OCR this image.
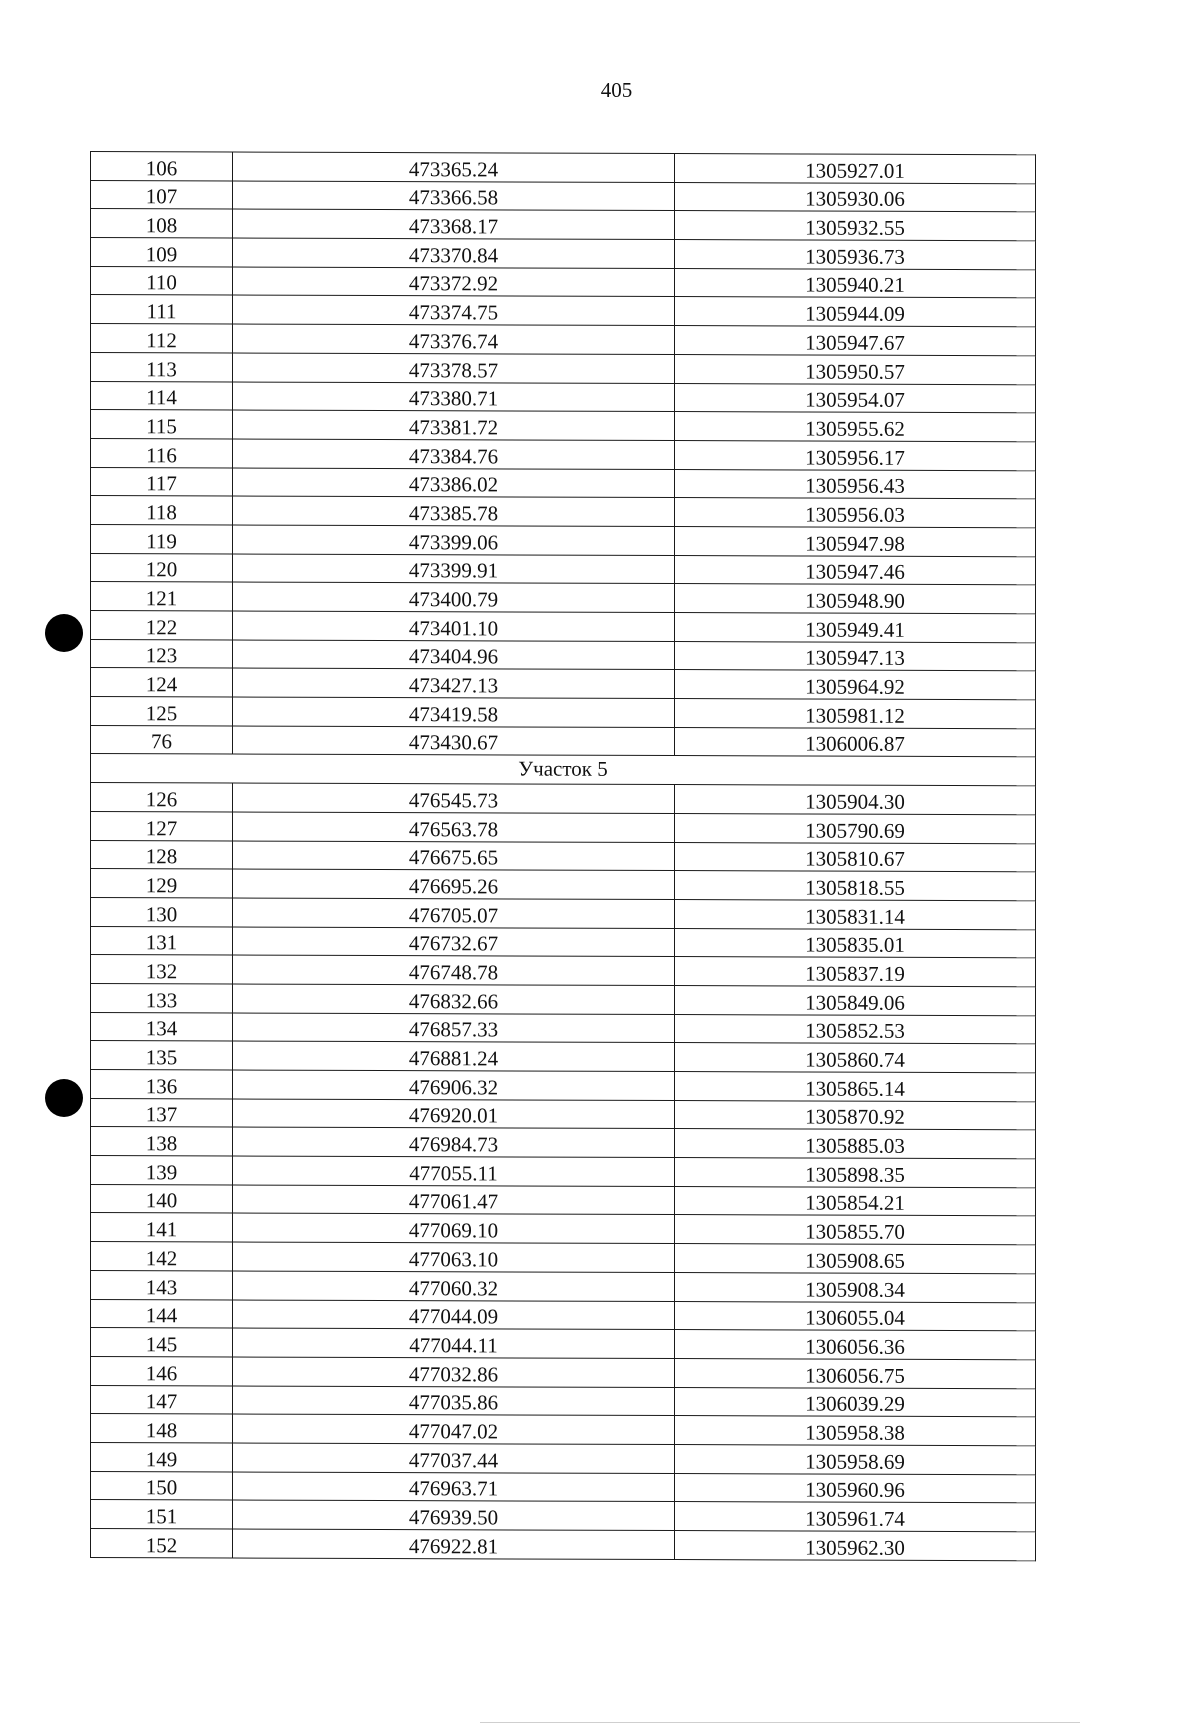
405
106	473365.24	1305927.01
107	473366.58	1305930.06
108	473368.17	1305932.55
109	473370.84	1305936.73
110	473372.92	1305940.21
111	473374.75	1305944.09
112	473376.74	1305947.67
113	473378.57	1305950.57
114	473380.71	1305954.07
115	473381.72	1305955.62
116	473384.76	1305956.17
117	473386.02	1305956.43
118	473385.78	1305956.03
119	473399.06	1305947.98
120	473399.91	1305947.46
121	473400.79	1305948.90
122	473401.10	1305949.41
123	473404.96	1305947.13
124	473427.13	1305964.92
125	473419.58	1305981.12
76	473430.67	1306006.87
Участок 5		
126	476545.73	1305904.30
127	476563.78	1305790.69
128	476675.65	1305810.67
129	476695.26	1305818.55
130	476705.07	1305831.14
131	476732.67	1305835.01
132	476748.78	1305837.19
133	476832.66	1305849.06
134	476857.33	1305852.53
135	476881.24	1305860.74
136	476906.32	1305865.14
137	476920.01	1305870.92
138	476984.73	1305885.03
139	477055.11	1305898.35
140	477061.47	1305854.21
141	477069.10	1305855.70
142	477063.10	1305908.65
143	477060.32	1305908.34
144	477044.09	1306055.04
145	477044.11	1306056.36
146	477032.86	1306056.75
147	477035.86	1306039.29
148	477047.02	1305958.38
149	477037.44	1305958.69
150	476963.71	1305960.96
151	476939.50	1305961.74
152	476922.81	1305962.30
